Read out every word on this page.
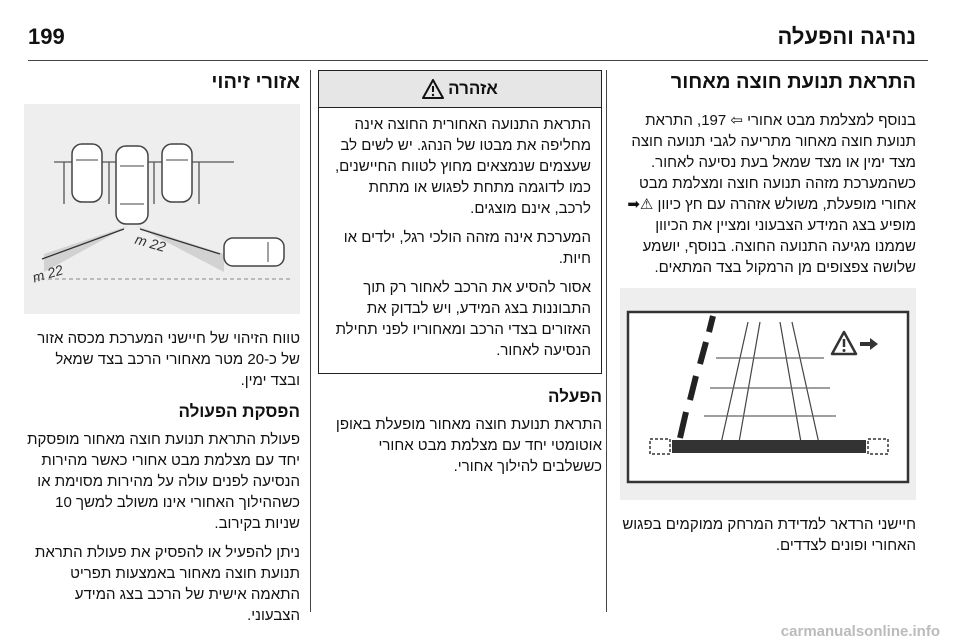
199	נהיגה והפעלה
התראת תנועת חוצה מאחור

בנוסף למצלמת מבט אחורי ⇦ 197, התראת תנועת חוצה מאחור מתריעה לגבי תנועה חוצה מצד ימין או מצד שמאל בעת נסיעה לאחור. כשהמערכת מזהה תנועה חוצה ומצלמת מבט אחורי מופעלת, משולש אזהרה עם חץ כיוון ⚠➡ מופיע בצג המידע הצבעוני ומציין את הכיוון שממנו מגיעה התנועה החוצה. בנוסף, יושמע שלושה צפצופים מן הרמקול בצד המתאים.

חיישני הרדאר למדידת המרחק ממוקמים בפגוש האחורי ופונים לצדדים.

אזהרה

התראת התנועה האחורית החוצה אינה מחליפה את מבטו של הנהג. יש לשים לב שעצמים שנמצאים מחוץ לטווח החיישנים, כמו לדוגמה מתחת לפגוש או מתחת לרכב, אינם מוצגים.

המערכת אינה מזהה הולכי רגל, ילדים או חיות.

אסור להסיע את הרכב לאחור רק תוך התבוננות בצג המידע, ויש לבדוק את האזורים בצדי הרכב ומאחוריו לפני תחילת הנסיעה לאחור.

הפעלה

התראת תנועת חוצה מאחור מופעלת באופן אוטומטי יחד עם מצלמת מבט אחורי כששלבים להילוך אחורי.

אזורי זיהוי
22 m
22 m

טווח הזיהוי של חיישני המערכת מכסה אזור של כ-20 מטר מאחורי הרכב בצד שמאל ובצד ימין.

הפסקת הפעולה

פעולת התראת תנועת חוצה מאחור מופסקת יחד עם מצלמת מבט אחורי כאשר מהירות הנסיעה לפנים עולה על מהירות מסוימת או כשההילוך האחורי אינו משולב למשך 10 שניות בקירוב.

ניתן להפעיל או להפסיק את פעולת התראת תנועת חוצה מאחור באמצעות תפריט התאמה אישית של הרכב בצג המידע הצבעוני.

carmanualsonline.info
